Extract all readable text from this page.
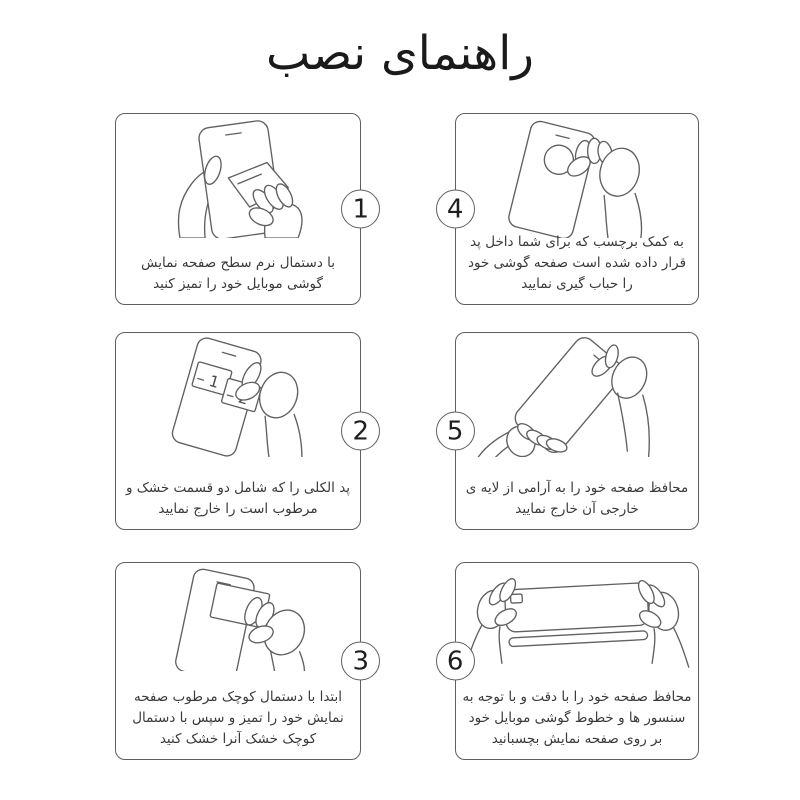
راهنمای نصب
1
با دستمال نرم سطح صفحه نمایش گوشی موبایل خود را تمیز کنید
1
2
پد الکلی را که شامل دو قسمت خشک و مرطوب است را خارج نمایید
3
ابتدا با دستمال کوچک مرطوب صفحه نمایش خود را تمیز و سپس با دستمال کوچک خشک آنرا خشک کنید
4
به کمک برچسب که برای شما داخل پد قرار داده شده است صفحه گوشی خود را حباب گیری نمایید
5
محافظ صفحه خود را به آرامی از لایه ی خارجی آن خارج نمایید
6
محافظ صفحه خود را با دقت و با توجه به سنسور ها و خطوط گوشی موبایل خود بر روی صفحه نمایش بچسبانید
